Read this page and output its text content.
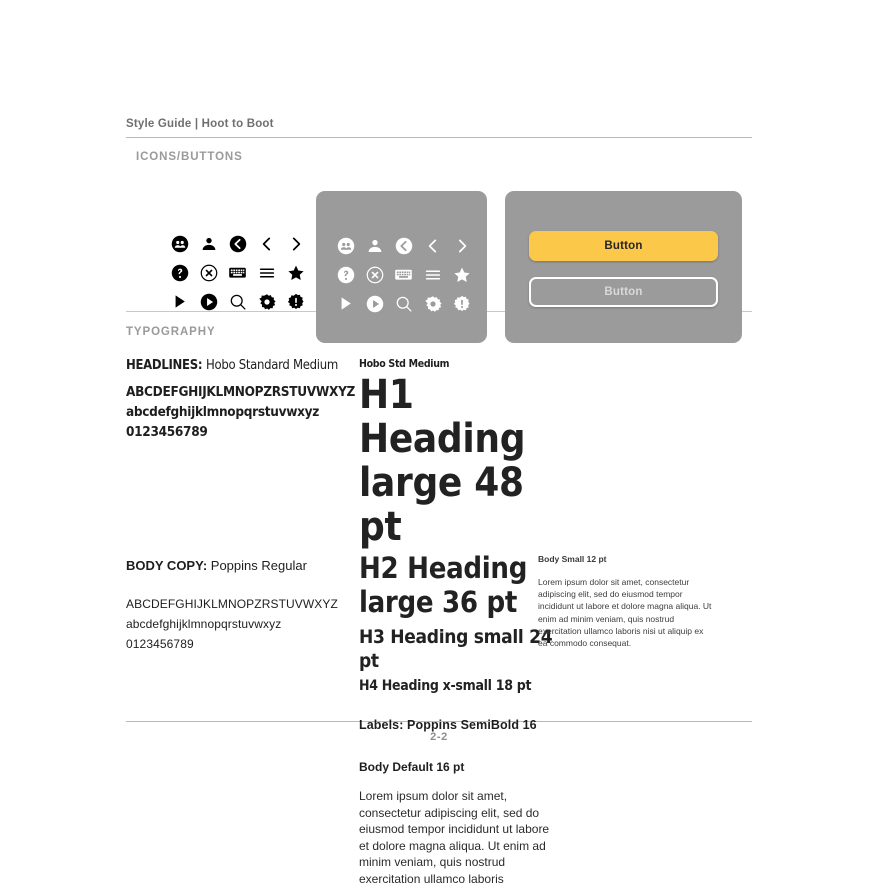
Style Guide | Hoot to Boot
ICONS/BUTTONS
Button
Button
TYPOGRAPHY
HEADLINES: Hobo Standard Medium
ABCDEFGHIJKLMNOPZRSTUVWXYZ
abcdefghijklmnopqrstuvwxyz
0123456789
BODY COPY: Poppins Regular
ABCDEFGHIJKLMNOPZRSTUVWXYZ
abcdefghijklmnopqrstuvwxyz
0123456789
Hobo Std Medium
H1 Heading large 48 pt
H2 Heading large 36 pt
H3 Heading small 24 pt
H4 Heading x-small 18 pt
Labels: Poppins SemiBold 16
Body Default 16 pt
Lorem ipsum dolor sit amet, consectetur adipiscing elit, sed do eiusmod tempor incididunt ut labore et dolore magna aliqua. Ut enim ad minim veniam, quis nostrud exercitation ullamco laboris
Body Small 12 pt
Lorem ipsum dolor sit amet, consectetur adipiscing elit, sed do eiusmod tempor incididunt ut labore et dolore magna aliqua. Ut enim ad minim veniam, quis nostrud exercitation ullamco laboris nisi ut aliquip ex ea commodo consequat.
2-2
